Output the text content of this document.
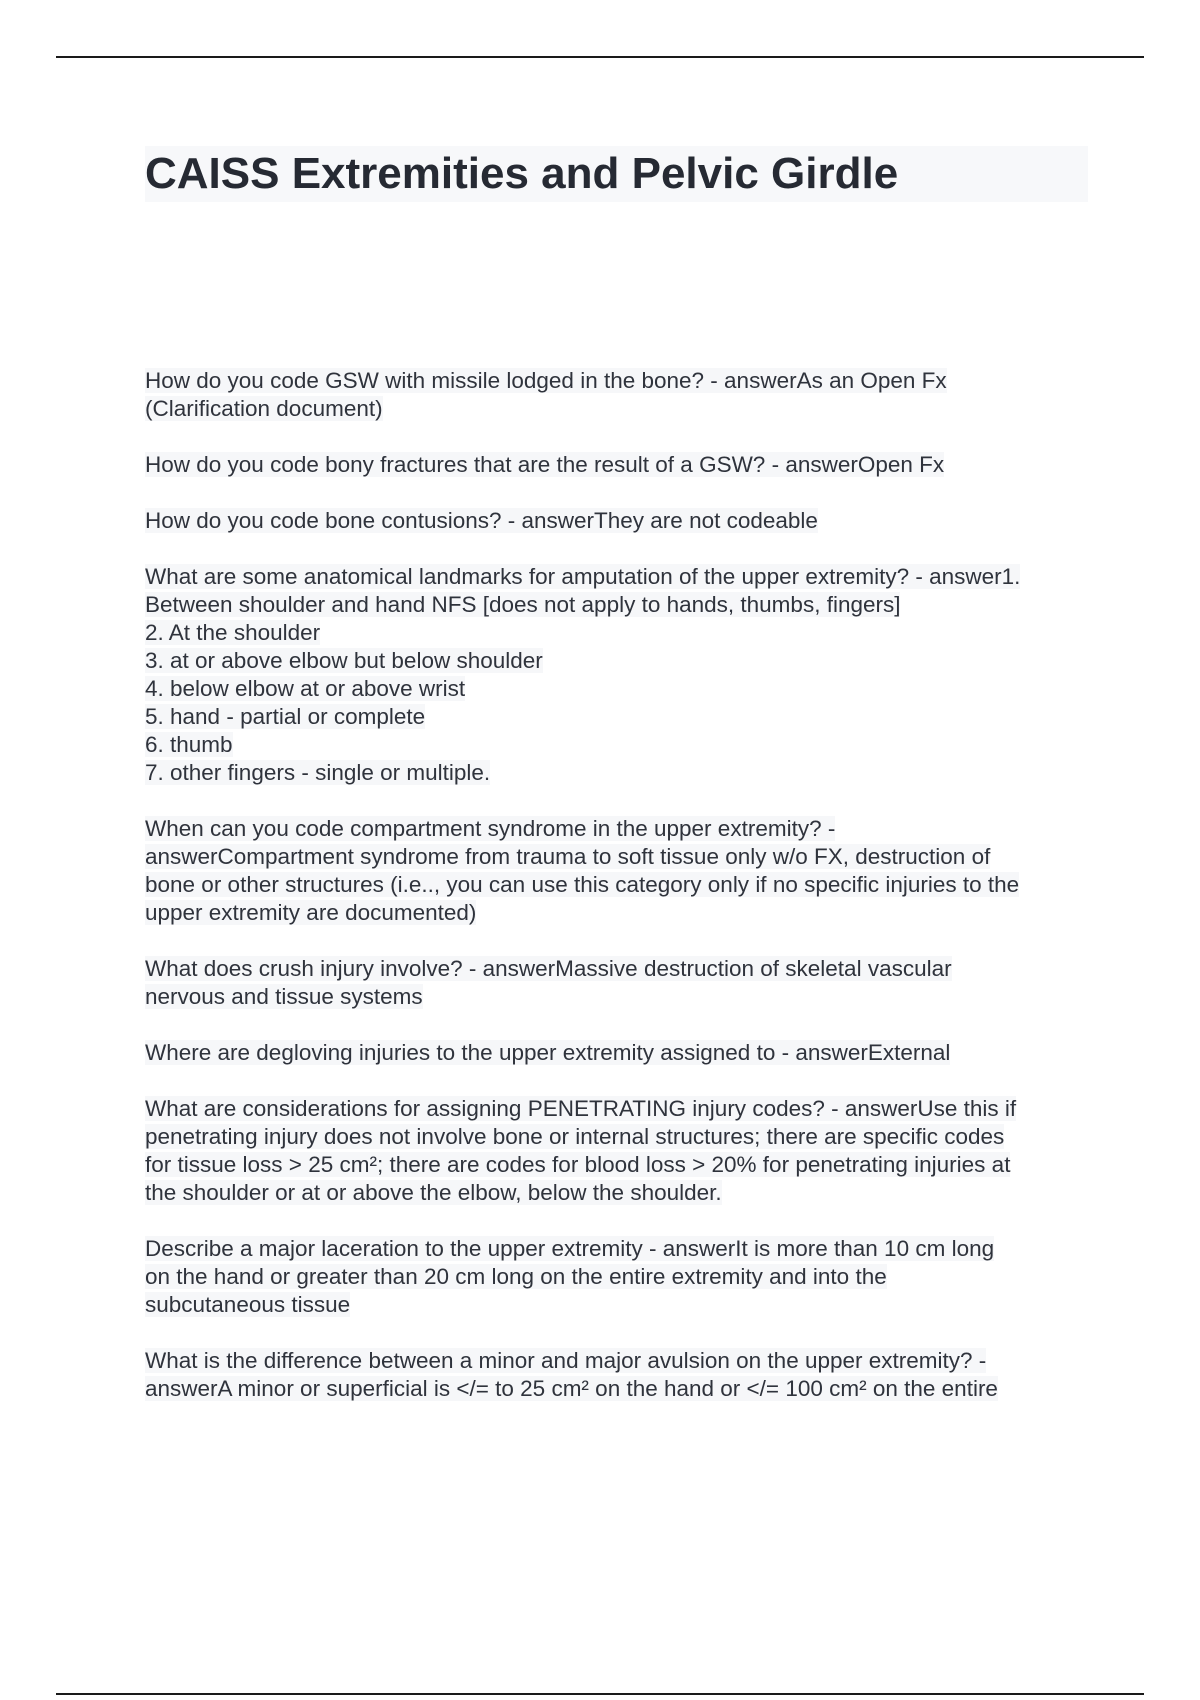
CAISS Extremities and Pelvic Girdle

How do you code GSW with missile lodged in the bone? - answerAs an Open Fx
(Clarification document)

How do you code bony fractures that are the result of a GSW? - answerOpen Fx

How do you code bone contusions? - answerThey are not codeable

What are some anatomical landmarks for amputation of the upper extremity? - answer1.
Between shoulder and hand NFS [does not apply to hands, thumbs, fingers]
2. At the shoulder
3. at or above elbow but below shoulder
4. below elbow at or above wrist
5. hand - partial or complete
6. thumb
7. other fingers - single or multiple.

When can you code compartment syndrome in the upper extremity? -
answerCompartment syndrome from trauma to soft tissue only w/o FX, destruction of
bone or other structures (i.e.., you can use this category only if no specific injuries to the
upper extremity are documented)

What does crush injury involve? - answerMassive destruction of skeletal vascular
nervous and tissue systems

Where are degloving injuries to the upper extremity assigned to - answerExternal

What are considerations for assigning PENETRATING injury codes? - answerUse this if
penetrating injury does not involve bone or internal structures; there are specific codes
for tissue loss > 25 cm²; there are codes for blood loss > 20% for penetrating injuries at
the shoulder or at or above the elbow, below the shoulder.

Describe a major laceration to the upper extremity - answerIt is more than 10 cm long
on the hand or greater than 20 cm long on the entire extremity and into the
subcutaneous tissue

What is the difference between a minor and major avulsion on the upper extremity? -
answerA minor or superficial is </= to 25 cm² on the hand or </= 100 cm² on the entire
